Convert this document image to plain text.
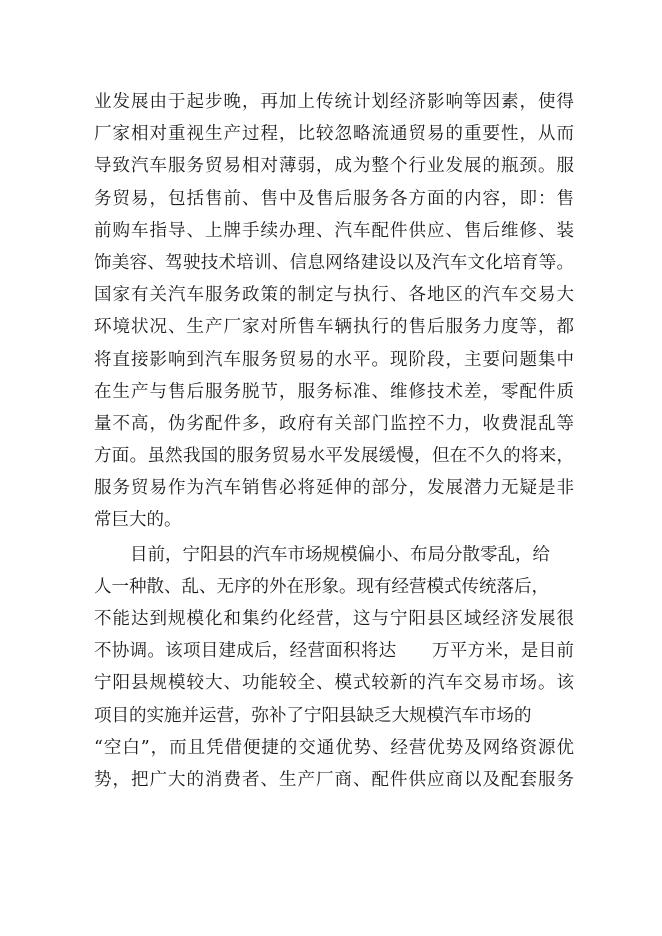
业发展由于起步晚，再加上传统计划经济影响等因素，使得
厂家相对重视生产过程，比较忽略流通贸易的重要性，从而
导致汽车服务贸易相对薄弱，成为整个行业发展的瓶颈。服
务贸易，包括售前、售中及售后服务各方面的内容，即：售
前购车指导、上牌手续办理、汽车配件供应、售后维修、装
饰美容、驾驶技术培训、信息网络建设以及汽车文化培育等。
国家有关汽车服务政策的制定与执行、各地区的汽车交易大
环境状况、生产厂家对所售车辆执行的售后服务力度等，都
将直接影响到汽车服务贸易的水平。现阶段，主要问题集中
在生产与售后服务脱节，服务标准、维修技术差，零配件质
量不高，伪劣配件多，政府有关部门监控不力，收费混乱等
方面。虽然我国的服务贸易水平发展缓慢，但在不久的将来，
服务贸易作为汽车销售必将延伸的部分，发展潜力无疑是非
常巨大的。
目前，宁阳县的汽车市场规模偏小、布局分散零乱，给
人一种散、乱、无序的外在形象。现有经营模式传统落后，
不能达到规模化和集约化经营，这与宁阳县区域经济发展很
不协调。该项目建成后，经营面积将达　　万平方米，是目前
宁阳县规模较大、功能较全、模式较新的汽车交易市场。该
项目的实施并运营，弥补了宁阳县缺乏大规模汽车市场的
“空白”，而且凭借便捷的交通优势、经营优势及网络资源优
势，把广大的消费者、生产厂商、配件供应商以及配套服务
